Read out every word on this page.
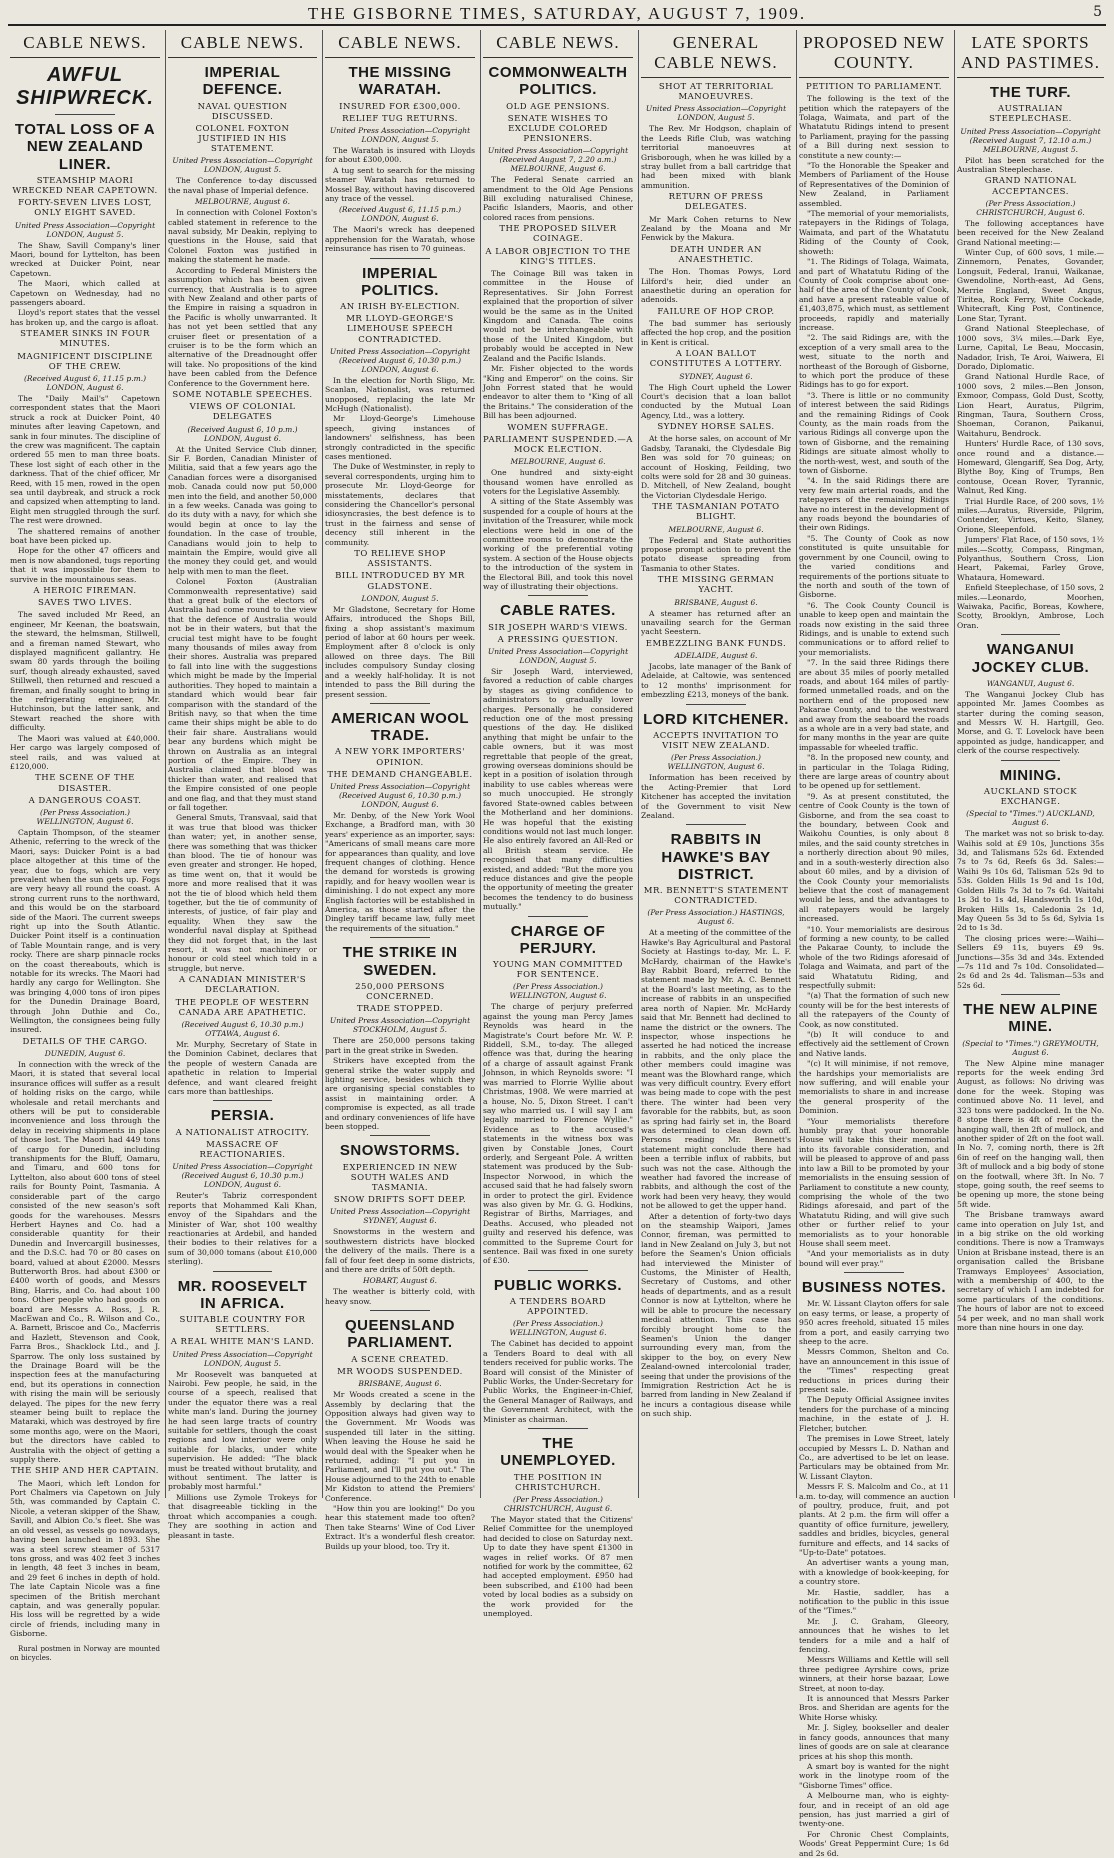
THE GISBORNE TIMES, SATURDAY, AUGUST 7, 1909.	5
CABLE NEWS.
AWFUL SHIPWRECK.
TOTAL LOSS OF A NEW ZEALAND LINER.
STEAMSHIP MAORI WRECKED NEAR CAPETOWN.
FORTY-SEVEN LIVES LOST, ONLY EIGHT SAVED.
United Press Association—Copyright LONDON, August 5.
The Shaw, Savill Company's liner Maori, bound for Lyttelton, has been wrecked at Duicker Point, near Capetown.
The Maori, which called at Capetown on Wednesday, had no passengers aboard.
Lloyd's report states that the vessel has broken up, and the cargo is afloat.
STEAMER SINKS IN FOUR MINUTES.
MAGNIFICENT DISCIPLINE OF THE CREW.
(Received August 6, 11.15 p.m.) LONDON, August 6.
The "Daily Mail's" Capetown correspondent states that the Maori struck a rock at Duicker Point, 40 minutes after leaving Capetown, and sank in four minutes. The discipline of the crew was magnificent. The captain ordered 55 men to man three boats. These lost sight of each other in the darkness. That of the chief officer, Mr Reed, with 15 men, rowed in the open sea until daybreak, and struck a rock and capsized when attempting to land. Eight men struggled through the surf. The rest were drowned.
The shattered remains of another boat have been picked up.
Hope for the other 47 officers and men is now abandoned, tugs reporting that it was impossible for them to survive in the mountainous seas.
A HEROIC FIREMAN.
SAVES TWO LIVES.
The saved included Mr Reed, an engineer, Mr Keenan, the boatswain, the steward, the helmsman, Stillwell, and a fireman named Stewart, who displayed magnificent gallantry. He swam 80 yards through the boiling surf, though already exhausted, saved Stillwell, then returned and rescued a fireman, and finally sought to bring in the refrigerating engineer, Mr. Hutchinson, but the latter sank, and Stewart reached the shore with difficulty.
The Maori was valued at £40,000. Her cargo was largely composed of steel rails, and was valued at £120,000.
THE SCENE OF THE DISASTER.
A DANGEROUS COAST.
(Per Press Association.) WELLINGTON, August 6.
Captain Thompson, of the steamer Athenic, referring to the wreck of the Maori, says: Duicker Point is a bad place altogether at this time of the year, due to fogs, which are very prevalent when the sun gets up. Fogs are very heavy all round the coast. A strong current runs to the northward, and this would be on the starboard side of the Maori. The current sweeps right up into the South Atlantic. Duicker Point itself is a continuation of Table Mountain range, and is very rocky. There are sharp pinnacle rocks on the coast thereabouts, which is notable for its wrecks. The Maori had hardly any cargo for Wellington. She was bringing 4,000 tons of iron pipes for the Dunedin Drainage Board, through John Duthie and Co., Wellington, the consignees being fully insured.
DETAILS OF THE CARGO.
DUNEDIN, August 6.
In connection with the wreck of the Maori, it is stated that several local insurance offices will suffer as a result of holding risks on the cargo, while wholesale and retail merchants and others will be put to considerable inconvenience and loss through the delay in receiving shipments in place of those lost. The Maori had 449 tons of cargo for Dunedin, including transhipments for the Bluff, Oamaru, and Timaru, and 600 tons for Lyttelton, also about 600 tons of steel rails for Bounty Point, Tasmania. A considerable part of the cargo consisted of the new season's soft goods for the warehouses. Messrs Herbert Haynes and Co. had a considerable quantity for their Dunedin and Invercargill businesses, and the D.S.C. had 70 or 80 cases on board, valued at about £2000. Messrs Butterworth Bros. had about £300 or £400 worth of goods, and Messrs Bing, Harris, and Co. had about 100 tons. Other people who had goods on board are Messrs A. Ross, J. R. MacEwan and Co., R. Wilson and Co., A. Barnett, Briscoe and Co., Macferris and Hazlett, Stevenson and Cook, Farra Bros., Shacklock Ltd., and J. Sparrow. The only loss sustained by the Drainage Board will be the inspection fees at the manufacturing end, but its operations in connection with rising the main will be seriously delayed. The pipes for the new ferry steamer being built to replace the Mataraki, which was destroyed by fire some months ago, were on the Maori, but the directors have cabled to Australia with the object of getting a supply there.
THE SHIP AND HER CAPTAIN.
The Maori, which left London for Port Chalmers via Capetown on July 5th, was commanded by Captain C. Nicole, a veteran skipper of the Shaw, Savill, and Albion Co.'s fleet. She was an old vessel, as vessels go nowadays, having been launched in 1893. She was a steel screw steamer of 5317 tons gross, and was 402 feet 3 inches in length, 48 feet 3 inches in beam, and 29 feet 6 inches in depth of hold. The late Captain Nicole was a fine specimen of the British merchant captain, and was generally popular. His loss will be regretted by a wide circle of friends, including many in Gisborne.
Rural postmen in Norway are mounted on bicycles.
CABLE NEWS.
IMPERIAL DEFENCE.
NAVAL QUESTION DISCUSSED.
COLONEL FOXTON JUSTIFIED IN HIS STATEMENT.
United Press Association—Copyright LONDON, August 5.
The Conference to-day discussed the naval phase of Imperial defence.
MELBOURNE, August 6.
In connection with Colonel Foxton's cabled statement in reference to the naval subsidy, Mr Deakin, replying to questions in the House, said that Colonel Foxton was justified in making the statement he made.
According to Federal Ministers the assumption which has been given currency, that Australia is to agree with New Zealand and other parts of the Empire in raising a squadron in the Pacific is wholly unwarranted. It has not yet been settled that any cruiser fleet or presentation of a cruiser is to be the form which an alternative of the Dreadnought offer will take. No propositions of the kind have been cabled from the Defence Conference to the Government here.
SOME NOTABLE SPEECHES.
VIEWS OF COLONIAL DELEGATES
(Received August 6, 10 p.m.) LONDON, August 6.
At the United Service Club dinner, Sir F. Borden, Canadian Minister of Militia, said that a few years ago the Canadian forces were a disorganised mob. Canada could now put 50,000 men into the field, and another 50,000 in a few weeks. Canada was going to do its duty with a navy, for which she would begin at once to lay the foundation. In the case of trouble, Canadians would join to help to maintain the Empire, would give all the money they could get, and would help with men to man the fleet.
Colonel Foxton (Australian Commonwealth representative) said that a great bulk of the electors of Australia had come round to the view that the defence of Australia would not be in their waters, but that the crucial test might have to be fought many thousands of miles away from their shores. Australia was prepared to fall into line with the suggestions which might be made by the Imperial authorities. They hoped to maintain a standard which would bear fair comparison with the standard of the British navy, so that when the time came their ships might be able to do their fair share. Australians would bear any burdens which might be thrown on Australia as an integral portion of the Empire. They in Australia claimed that blood was thicker than water, and realised that the Empire consisted of one people and one flag, and that they must stand or fall together.
General Smuts, Transvaal, said that it was true that blood was thicker than water; yet, in another sense, there was something that was thicker than blood. The tie of honour was even greater and stronger. He hoped, as time went on, that it would be more and more realised that it was not the tie of blood which held them together, but the tie of community of interests, of justice, of fair play and equality. When they saw the wonderful naval display at Spithead they did not forget that, in the last resort, it was not machinery or honour or cold steel which told in a struggle, but nerve.
A CANADIAN MINISTER'S DECLARATION.
THE PEOPLE OF WESTERN CANADA ARE APATHETIC.
(Received August 6, 10.30 p.m.) OTTAWA, August 6.
Mr. Murphy, Secretary of State in the Dominion Cabinet, declares that the people of western Canada are apathetic in relation to Imperial defence, and want cleared freight cars more than battleships.
PERSIA.
A NATIONALIST ATROCITY.
MASSACRE OF REACTIONARIES.
United Press Association—Copyright (Received August 6, 10.30 p.m.) LONDON, August 6.
Reuter's Tabriz correspondent reports that Mohammed Kali Khan, envoy of the Sipahdars and the Minister of War, shot 100 wealthy reactionaries at Ardebil, and handed their bodies to their relatives for a sum of 30,000 tomans (about £10,000 sterling).
MR. ROOSEVELT IN AFRICA.
SUITABLE COUNTRY FOR SETTLERS.
A REAL WHITE MAN'S LAND.
United Press Association—Copyright LONDON, August 5.
Mr Roosevelt was banqueted at Nairobi. Few people, he said, in the course of a speech, realised that under the equator there was a real white man's land. During the journey he had seen large tracts of country suitable for settlers, though the coast regions and low interior were only suitable for blacks, under white supervision. He added: "The black must be treated without brutality, and without sentiment. The latter is probably most harmful."
Millions use Zymole Trokeys for that disagreeable tickling in the throat which accompanies a cough. They are soothing in action and pleasant in taste.
CABLE NEWS.
THE MISSING WARATAH.
INSURED FOR £300,000.
RELIEF TUG RETURNS.
United Press Association—Copyright LONDON, August 5.
The Waratah is insured with Lloyds for about £300,000.
A tug sent to search for the missing steamer Waratah has returned to Mossel Bay, without having discovered any trace of the vessel.
(Received August 6, 11.15 p.m.) LONDON, August 6.
The Maori's wreck has deepened apprehension for the Waratah, whose reinsurance has risen to 70 guineas.
IMPERIAL POLITICS.
AN IRISH BY-ELECTION.
MR LLOYD-GEORGE'S LIMEHOUSE SPEECH CONTRADICTED.
United Press Association—Copyright (Received August 6, 10.30 p.m.) LONDON, August 6.
In the election for North Sligo, Mr. Scanlan, Nationalist, was returned unopposed, replacing the late Mr McHugh (Nationalist).
Mr Lloyd-George's Limehouse speech, giving instances of landowners' selfishness, has been strongly contradicted in the specific cases mentioned.
The Duke of Westminster, in reply to several correspondents, urging him to prosecute Mr. Lloyd-George for misstatements, declares that considering the Chancellor's personal idiosyncrasies, the best defence is to trust in the fairness and sense of decency still inherent in the community.
TO RELIEVE SHOP ASSISTANTS.
BILL INTRODUCED BY MR GLADSTONE.
LONDON, August 5.
Mr Gladstone, Secretary for Home Affairs, introduced the Shops Bill, fixing a shop assistant's maximum period of labor at 60 hours per week. Employment after 8 o'clock is only allowed on three days. The Bill includes compulsory Sunday closing and a weekly half-holiday. It is not intended to pass the Bill during the present session.
AMERICAN WOOL TRADE.
A NEW YORK IMPORTERS' OPINION.
THE DEMAND CHANGEABLE.
United Press Association—Copyright (Received August 6, 10.30 p.m.) LONDON, August 6.
Mr. Denby, of the New York Wool Exchange, a Bradford man, with 30 years' experience as an importer, says: "Americans of small means care more for appearances than quality, and love frequent changes of clothing. Hence the demand for worsteds is growing rapidly, and for heavy woollen wear is diminishing. I do not expect any more English factories will be established in America, as those started after the Dingley tariff became law, fully meet the requirements of the situation."
THE STRIKE IN SWEDEN.
250,000 PERSONS CONCERNED.
TRADE STOPPED.
United Press Association—Copyright STOCKHOLM, August 5.
There are 250,000 persons taking part in the great strike in Sweden.
Strikers have excepted from the general strike the water supply and lighting service, besides which they are organising special constables to assist in maintaining order. A compromise is expected, as all trade and ordinary conveniences of life have been stopped.
SNOWSTORMS.
EXPERIENCED IN NEW SOUTH WALES AND TASMANIA.
SNOW DRIFTS SOFT DEEP.
United Press Association—Copyright SYDNEY, August 6.
Snowstorms in the western and southwestern districts have blocked the delivery of the mails. There is a fall of four feet deep in some districts, and there are drifts of 50ft depth.
HOBART, August 6.
The weather is bitterly cold, with heavy snow.
QUEENSLAND PARLIAMENT.
A SCENE CREATED.
MR WOODS SUSPENDED.
BRISBANE, August 6.
Mr Woods created a scene in the Assembly by declaring that the Opposition always had given way to the Government. Mr Woods was suspended till later in the sitting. When leaving the House he said he would deal with the Speaker when he returned, adding: "I put you in Parliament, and I'll put you out." The House adjourned to the 24th to enable Mr Kidston to attend the Premiers' Conference.
"How thin you are looking!" Do you hear this statement made too often? Then take Stearns' Wine of Cod Liver Extract. It's a wonderful flesh creator. Builds up your blood, too. Try it.
CABLE NEWS.
COMMONWEALTH POLITICS.
OLD AGE PENSIONS.
SENATE WISHES TO EXCLUDE COLORED PENSIONERS.
United Press Association—Copyright (Received August 7, 2.20 a.m.) MELBOURNE, August 6.
The Federal Senate carried an amendment to the Old Age Pensions Bill excluding naturalised Chinese, Pacific Islanders, Maoris, and other colored races from pensions.
THE PROPOSED SILVER COINAGE.
A LABOR OBJECTION TO THE KING'S TITLES.
The Coinage Bill was taken in committee in the House of Representatives. Sir John Forrest explained that the proportion of silver would be the same as in the United Kingdom and Canada. The coins would not be interchangeable with those of the United Kingdom, but probably would be accepted in New Zealand and the Pacific Islands.
Mr. Fisher objected to the words "King and Emperor" on the coins. Sir John Forrest stated that he would endeavor to alter them to "King of all the Britains." The consideration of the Bill has been adjourned.
WOMEN SUFFRAGE.
PARLIAMENT SUSPENDED.—A MOCK ELECTION.
MELBOURNE, August 6.
One hundred and sixty-eight thousand women have enrolled as voters for the Legislative Assembly.
A sitting of the State Assembly was suspended for a couple of hours at the invitation of the Treasurer, while mock elections were held in one of the committee rooms to demonstrate the working of the preferential voting system. A section of the House objects to the introduction of the system in the Electoral Bill, and took this novel way of illustrating their objections.
CABLE RATES.
SIR JOSEPH WARD'S VIEWS.
A PRESSING QUESTION.
United Press Association—Copyright LONDON, August 5.
Sir Joseph Ward, interviewed, favored a reduction of cable charges by stages as giving confidence to administrators to gradually lower charges. Personally he considered reduction one of the most pressing questions of the day. He disliked anything that might be unfair to the cable owners, but it was most regrettable that people of the great, growing overseas dominions should be kept in a position of isolation through inability to use cables whereas were so much unoccupied. He strongly favored State-owned cables between the Motherland and her dominions. He was hopeful that the existing conditions would not last much longer. He also entirely favored an All-Red or all British steam service. He recognised that many difficulties existed, and added: "But the more you reduce distances and give the people the opportunity of meeting the greater becomes the tendency to do business mutually."
CHARGE OF PERJURY.
YOUNG MAN COMMITTED FOR SENTENCE.
(Per Press Association.) WELLINGTON, August 6.
The charge of perjury preferred against the young man Percy James Reynolds was heard in the Magistrate's Court before Mr. W. P. Riddell, S.M., to-day. The alleged offence was that, during the hearing of a charge of assault against Frank Johnson, in which Reynolds swore: "I was married to Florrie Wyllie about Christmas, 1908. We were married at a house, No. 5, Dixon Street. I can't say who married us. I will say I am legally married to Florence Wyllie." Evidence as to the accused's statements in the witness box was given by Constable Jones, Court orderly, and Sergeant Pole. A written statement was produced by the Sub-Inspector Norwood, in which the accused said that he had falsely sworn in order to protect the girl. Evidence was also given by Mr. G. G. Hodkins, Registrar of Births, Marriages, and Deaths. Accused, who pleaded not guilty and reserved his defence, was committed to the Supreme Court for sentence. Bail was fixed in one surety of £30.
PUBLIC WORKS.
A TENDERS BOARD APPOINTED.
(Per Press Association.) WELLINGTON, August 6.
The Cabinet has decided to appoint a Tenders Board to deal with all tenders received for public works. The Board will consist of the Minister of Public Works, the Under-Secretary for Public Works, the Engineer-in-Chief, the General Manager of Railways, and the Government Architect, with the Minister as chairman.
THE UNEMPLOYED.
THE POSITION IN CHRISTCHURCH.
(Per Press Association.) CHRISTCHURCH, August 6.
The Mayor stated that the Citizens' Relief Committee for the unemployed had decided to close on Saturday next. Up to date they have spent £1300 in wages in relief works. Of 87 men notified for work by the committee, 62 had accepted employment. £950 had been subscribed, and £100 had been voted by local bodies as a subsidy on the work provided for the unemployed.
GENERAL CABLE NEWS.
SHOT AT TERRITORIAL MANOEUVRES.
United Press Association—Copyright LONDON, August 5.
The Rev. Mr Hodgson, chaplain of the Leeds Rifle Club, was watching territorial manoeuvres at Grisborough, when he was killed by a stray bullet from a ball cartridge that had been mixed with blank ammunition.
RETURN OF PRESS DELEGATES.
Mr Mark Cohen returns to New Zealand by the Moana and Mr Fenwick by the Makura.
DEATH UNDER AN ANAESTHETIC.
The Hon. Thomas Powys, Lord Lilford's heir, died under an anaesthetic during an operation for adenoids.
FAILURE OF HOP CROP.
The bad summer has seriously affected the hop crop, and the position in Kent is critical.
A LOAN BALLOT CONSTITUTES A LOTTERY.
SYDNEY, August 6.
The High Court upheld the Lower Court's decision that a loan ballot conducted by the Mutual Loan Agency, Ltd., was a lottery.
SYDNEY HORSE SALES.
At the horse sales, on account of Mr Gadsby, Taranaki, the Clydesdale Big Ben was sold for 70 guineas; on account of Hosking, Feilding, two colts were sold for 28 and 30 guineas. D. Mitchell, of New Zealand, bought the Victorian Clydesdale Herigo.
THE TASMANIAN POTATO BLIGHT.
MELBOURNE, August 6.
The Federal and State authorities propose prompt action to prevent the potato disease spreading from Tasmania to other States.
THE MISSING GERMAN YACHT.
BRISBANE, August 6.
A steamer has returned after an unavailing search for the German yacht Seestern.
EMBEZZLING BANK FUNDS.
ADELAIDE, August 6.
Jacobs, late manager of the Bank of Adelaide, at Caltowie, was sentenced to 12 months' imprisonment for embezzling £213, moneys of the bank.
LORD KITCHENER.
ACCEPTS INVITATION TO VISIT NEW ZEALAND.
(Per Press Association.) WELLINGTON, August 6.
Information has been received by the Acting-Premier that Lord Kitchener has accepted the invitation of the Government to visit New Zealand.
RABBITS IN HAWKE'S BAY DISTRICT.
MR. BENNETT'S STATEMENT CONTRADICTED.
(Per Press Association.) HASTINGS, August 6.
At a meeting of the committee of the Hawke's Bay Agricultural and Pastoral Society at Hastings to-day, Mr. L. F. McHardy, chairman of the Hawke's Bay Rabbit Board, referred to the statement made by Mr. A. C. Bennett at the Board's last meeting, as to the increase of rabbits in an unspecified area north of Napier. Mr. McHardy said that Mr. Bennett had declined to name the district or the owners. The inspector, whose inspections he asserted he had noticed the increase in rabbits, and the only place the other members could imagine was meant was the Blowhard range, which was very difficult country. Every effort was being made to cope with the pest there. The winter had been very favorable for the rabbits, but, as soon as spring had fairly set in, the Board was determined to clean down off. Persons reading Mr. Bennett's statement might conclude there had been a terrible influx of rabbits, but such was not the case. Although the weather had favored the increase of rabbits, and although the cost of the work had been very heavy, they would not be allowed to get the upper hand.
After a detention of forty-two days on the steamship Waipori, James Connor, fireman, was permitted to land in New Zealand on July 3, but not before the Seamen's Union officials had interviewed the Minister of Customs, the Minister of Health, Secretary of Customs, and other heads of departments, and as a result Connor is now at Lyttelton, where he will be able to procure the necessary medical attention. This case has forcibly brought home to the Seamen's Union the danger surrounding every man, from the skipper to the boy, on every New Zealand-owned intercolonial trader, seeing that under the provisions of the Immigration Restriction Act he is barred from landing in New Zealand if he incurs a contagious disease while on such ship.
PROPOSED NEW COUNTY.
PETITION TO PARLIAMENT.
The following is the text of the petition which the ratepayers of the Tolaga, Waimata, and part of the Whatatutu Ridings intend to present to Parliament, praying for the passing of a Bill during next session to constitute a new county:—
"To the Honorable the Speaker and Members of Parliament of the House of Representatives of the Dominion of New Zealand, in Parliament assembled.
"The memorial of your memorialists, ratepayers in the Ridings of Tolaga, Waimata, and part of the Whatatutu Riding of the County of Cook, showeth:
"1. The Ridings of Tolaga, Waimata, and part of Whatatutu Riding of the County of Cook comprise about one-half of the area of the County of Cook, and have a present rateable value of £1,403,875, which must, as settlement proceeds, rapidly and materially increase.
"2. The said Ridings are, with the exception of a very small area to the west, situate to the north and northeast of the Borough of Gisborne, to which port the produce of these Ridings has to go for export.
"3. There is little or no community of interest between the said Ridings and the remaining Ridings of Cook County, as the main roads from the various Ridings all converge upon the town of Gisborne, and the remaining Ridings are situate almost wholly to the north-west, west, and south of the town of Gisborne.
"4. In the said Ridings there are very few main arterial roads, and the ratepayers of the remaining Ridings have no interest in the development of any roads beyond the boundaries of their own Ridings.
"5. The County of Cook as now constituted is quite unsuitable for government by one Council, owing to the varied conditions and requirements of the portions situate to the north and south of the town of Gisborne.
"6. The Cook County Council is unable to keep open and maintain the roads now existing in the said three Ridings, and is unable to extend such communications or to afford relief to your memorialists.
"7. In the said three Ridings there are about 35 miles of poorly metalled roads, and about 164 miles of partly-formed unmetalled roads, and on the northern end of the proposed new Pakarae County, and to the westward and away from the seaboard the roads as a whole are in a very bad state, and for many months in the year are quite impassable for wheeled traffic.
"8. In the proposed new county, and in particular in the Tolaga Riding, there are large areas of country about to be opened up for settlement.
"9. As at present constituted, the centre of Cook County is the town of Gisborne, and from the sea coast to the boundary, between Cook and Waikohu Counties, is only about 8 miles, and the said county stretches in a northerly direction about 90 miles, and in a south-westerly direction also about 60 miles, and by a division of the Cook County your memorialists believe that the cost of management would be less, and the advantages to all ratepayers would be largely increased.
"10. Your memorialists are desirous of forming a new county, to be called the Pakarae County, to include the whole of the two Ridings aforesaid of Tolaga and Waimata, and part of the said Whatatutu Riding, and respectfully submit:
"(a) That the formation of such new county will be for the best interests of all the ratepayers of the County of Cook, as now constituted.
"(b) It will conduce to and effectively aid the settlement of Crown and Native lands.
"(c) It will minimise, if not remove, the hardships your memorialists are now suffering, and will enable your memorialists to share in and increase the general prosperity of the Dominion.
"Your memorialists therefore humbly pray that your honorable House will take this their memorial into its favorable consideration, and will be pleased to approve of and pass into law a Bill to be promoted by your memorialists in the ensuing session of Parliament to constitute a new county, comprising the whole of the two Ridings aforesaid, and part of the Whatatutu Riding, and will give such other or further relief to your memorialists as to your honorable House shall seem meet.
"And your memorialists as in duty bound will ever pray."
BUSINESS NOTES.
Mr. W. Lissant Clayton offers for sale on easy terms, or lease, a property of 950 acres freehold, situated 15 miles from a port, and easily carrying two sheep to the acre.
Messrs Common, Shelton and Co. have an announcement in this issue of the "Times" respecting great reductions in prices during their present sale.
The Deputy Official Assignee invites tenders for the purchase of a mincing machine, in the estate of J. H. Fletcher, butcher.
The premises in Lowe Street, lately occupied by Messrs L. D. Nathan and Co., are advertised to be let on lease. Particulars may be obtained from Mr. W. Lissant Clayton.
Messrs F. S. Malcolm and Co., at 11 a.m. to-day, will commence an auction of poultry, produce, fruit, and pot plants. At 2 p.m. the firm will offer a quantity of office furniture, jewellery, saddles and bridles, bicycles, general furniture and effects, and 14 sacks of "Up-to-Date" potatoes.
An advertiser wants a young man, with a knowledge of book-keeping, for a country store.
Mr. Hastie, saddler, has a notification to the public in this issue of the "Times."
Mr. J. C. Graham, Gleeory, announces that he wishes to let tenders for a mile and a half of fencing.
Messrs Williams and Kettle will sell three pedigree Ayrshire cows, prize winners, at their horse bazaar, Lowe Street, at noon to-day.
It is announced that Messrs Parker Bros. and Sheridan are agents for the White Horse whisky.
Mr. J. Sigley, bookseller and dealer in fancy goods, announces that many lines of goods are on sale at clearance prices at his shop this month.
A smart boy is wanted for the night work in the linotype room of the "Gisborne Times" office.
A Melbourne man, who is eighty-four, and in receipt of an old age pension, has just married a girl of twenty-one.
For Chronic Chest Complaints, Woods' Great Peppermint Cure; 1s 6d and 2s 6d.
LATE SPORTS AND PASTIMES.
THE TURF.
AUSTRALIAN STEEPLECHASE.
United Press Association—Copyright (Received August 7, 12.10 a.m.) MELBOURNE, August 5.
Pilot has been scratched for the Australian Steeplechase.
GRAND NATIONAL ACCEPTANCES.
(Per Press Association.) CHRISTCHURCH, August 6.
The following acceptances have been received for the New Zealand Grand National meeting:—
Winter Cup, of 600 sovs, 1 mile.—Zinnemorn, Penates, Govander, Longsuit, Federal, Iranui, Waikanae, Gwendoline, North-east, Ad Gens, Merrie England, Sweet Angus, Tiritea, Rock Ferry, White Cockade, Whitecraft, King Post, Continence, Lone Star, Tyrant.
Grand National Steeplechase, of 1000 sovs, 3¼ miles.—Dark Eye, Lurne, Capital, Le Beau, Moccasin, Nadador, Irish, Te Aroi, Waiwera, El Dorado, Diplomatic.
Grand National Hurdle Race, of 1000 sovs, 2 miles.—Ben Jonson, Exmoor, Compass, Gold Dust, Scotty, Lion Heart, Auratus, Pilgrim, Ringman, Taura, Southern Cross, Shoeman, Coranon, Paikanui, Waitahuru, Bendrock.
Hunters' Hurdle Race, of 130 sovs, once round and a distance.—Homeward, Glengariff, Sea Dog, Arty, Blythe Boy, King of Trumps, Ben contouse, Ocean Rover, Tyrannic, Walnut, Red King.
Trial Hurdle Race, of 200 sovs, 1½ miles.—Auratus, Riverside, Pilgrim, Contender, Virtues, Keito, Slaney, Orione, Sleepenfold.
Jumpers' Flat Race, of 150 sovs, 1½ miles.—Scotty, Compass, Ringman, Polyanthus, Southern Cross, Lion Heart, Pakemai, Farley Grove, Whataura, Homeward.
Enfield Steeplechase, of 150 sovs, 2 miles.—Leonardo, Moorhen, Waiwaka, Pacific, Boreas, Kowhere, Scotty, Brooklyn, Ambrose, Loch Oran.
WANGANUI JOCKEY CLUB.
WANGANUI, August 6.
The Wanganui Jockey Club has appointed Mr. James Coombes as starter during the coming season, and Messrs W. H. Hartgill, Geo. Morse, and G. T. Lovelock have been appointed as judge, handicapper, and clerk of the course respectively.
MINING.
AUCKLAND STOCK EXCHANGE.
(Special to "Times.") AUCKLAND, August 6.
The market was not so brisk to-day. Waihis sold at £9 10s, Junctions 35s 3d, and Talismans 52s 6d. Extended 7s to 7s 6d, Reefs 6s 3d. Sales:—Waihi 9s 10s 6d, Talisman 52s 9d to 53s. Golden Hills 1s 9d and 1s 10d, Golden Hills 7s 3d to 7s 6d. Waitahi 1s 3d to 1s 4d, Handsworth 1s 10d, Broken Hills 1s, Caledonia 2s 1d, May Queen 5s 3d to 5s 6d, Sylvia 1s 2d to 1s 3d.
The closing prices were:—Waihi—Sellers £9 11s, buyers £9 9s. Junctions—35s 3d and 34s. Extended—7s 11d and 7s 10d. Consolidated—2s 6d and 2s 4d. Talisman—53s and 52s 6d.
THE NEW ALPINE MINE.
(Special to "Times.") GREYMOUTH, August 6.
The New Alpine mine manager reports for the week ending 3rd August, as follows: No driving was done for the week. Stoping was continued above No. 11 level, and 323 tons were paddocked. In the No. 8 stope there is 4ft of reef on the hanging wall, then 2ft of mullock, and another spider of 2ft on the foot wall. In No. 7, coming north, there is 2ft 6in of reef on the hanging wall, then 3ft of mullock and a big body of stone on the footwall, where 3ft. In No. 7 stope, going south, the reef seems to be opening up more, the stone being 5ft wide.
The Brisbane tramways award came into operation on July 1st, and in a big strike on the old working conditions. There is now a Tramways Union at Brisbane instead, there is an organisation called the Brisbane Tramways Employees' Association, with a membership of 400, to the secretary of which I am indebted for some particulars of the conditions. The hours of labor are not to exceed 54 per week, and no man shall work more than nine hours in one day.
